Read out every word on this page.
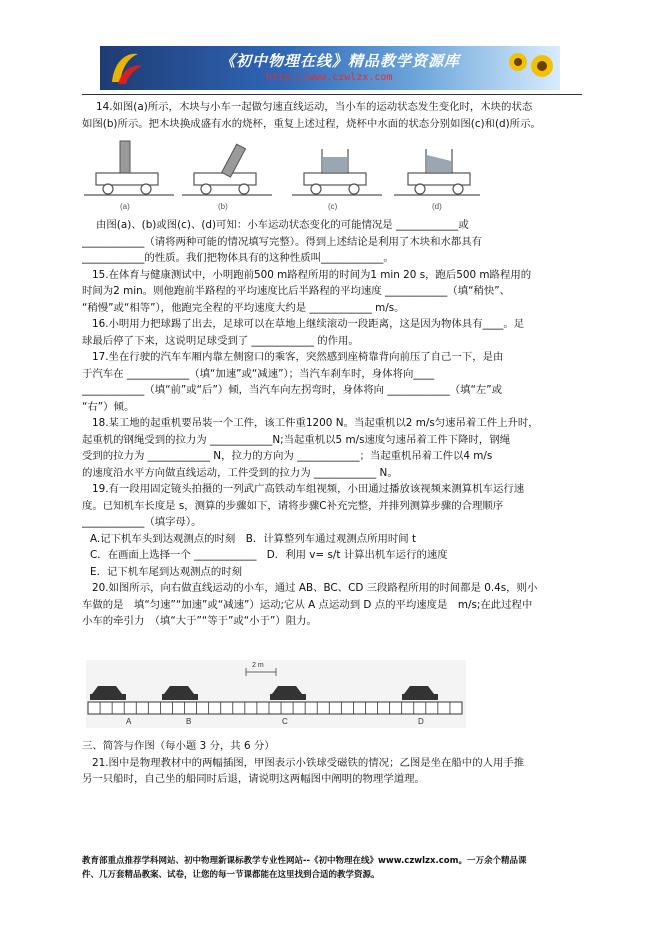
《初中物理在线》精品教学资源库
http://www.czwlzx.com

14.如图(a)所示，木块与小车一起做匀速直线运动，当小车的运动状态发生变化时，木块的状态

如图(b)所示。把木块换成盛有水的烧杯，重复上述过程，烧杯中水面的状态分别如图(c)和(d)所示。

(a)	(b)	(c)	(d)

由图(a)、(b)或图(c)、(d)可知：小车运动状态变化的可能情况是 ____________或

____________（请将两种可能的情况填写完整）。得到上述结论是利用了木块和水都具有

____________的性质。我们把物体具有的这种性质叫____________。

15.在体育与健康测试中，小明跑前500 m路程所用的时间为1 min 20 s，跑后500 m路程用的

时间为2 min。则他跑前半路程的平均速度比后半路程的平均速度 ____________（填“稍快”、

“稍慢”或“相等”），他跑完全程的平均速度大约是 ____________ m/s。

16.小明用力把球踢了出去，足球可以在草地上继续滚动一段距离，这是因为物体具有____。足

球最后停了下来，这说明足球受到了 ____________ 的作用。

17.坐在行驶的汽车车厢内靠左侧窗口的乘客，突然感到座椅靠背向前压了自己一下，是由

于汽车在 ____________（填“加速”或“减速”）；当汽车刹车时，身体将向____

____________（填“前”或“后”）倾，当汽车向左拐弯时，身体将向 ____________（填“左”或

“右”）倾。

18.某工地的起重机要吊装一个工件，该工件重1200 N。当起重机以2 m/s匀速吊着工件上升时，

起重机的钢绳受到的拉力为 ____________N;当起重机以5 m/s速度匀速吊着工件下降时，钢绳

受到的拉力为 ____________ N，拉力的方向为 ____________；当起重机吊着工件以4 m/s

的速度沿水平方向做直线运动，工件受到的拉力为 ____________ N。

19.有一段用固定镜头拍摄的一列武广高铁动车组视频，小田通过播放该视频来测算机车运行速

度。已知机车长度是 s，测算的步骤如下，请将步骤C补充完整，并排列测算步骤的合理顺序

____________（填字母）。

A.记下机车头到达观测点的时刻　B．计算整列车通过观测点所用时间 t

C．在画面上选择一个 ____________　D．利用 v= s/t 计算出机车运行的速度

E．记下机车尾到达观测点的时刻

20.如图所示，向右做直线运动的小车，通过 AB、BC、CD 三段路程所用的时间都是 0.4s，则小

车做的是　填“匀速”“加速”或“减速”）运动;它从 A 点运动到 D 点的平均速度是　m/s;在此过程中

小车的牵引力　（填“大于”“等于”或“小于”）阻力。

2 m
A	B	C	D

三、简答与作图（每小题 3 分，共 6 分）

21.图中是物理教材中的两幅插图，甲图表示小铁球受磁铁的情况；乙图是坐在船中的人用手推

另一只船时，自己坐的船同时后退，请说明这两幅图中阐明的物理学道理。

教育部重点推荐学科网站、初中物理新课标教学专业性网站--《初中物理在线》www.czwlzx.com。一万余个精品课
件、几万套精品教案、试卷，让您的每一节课都能在这里找到合适的教学资源。
